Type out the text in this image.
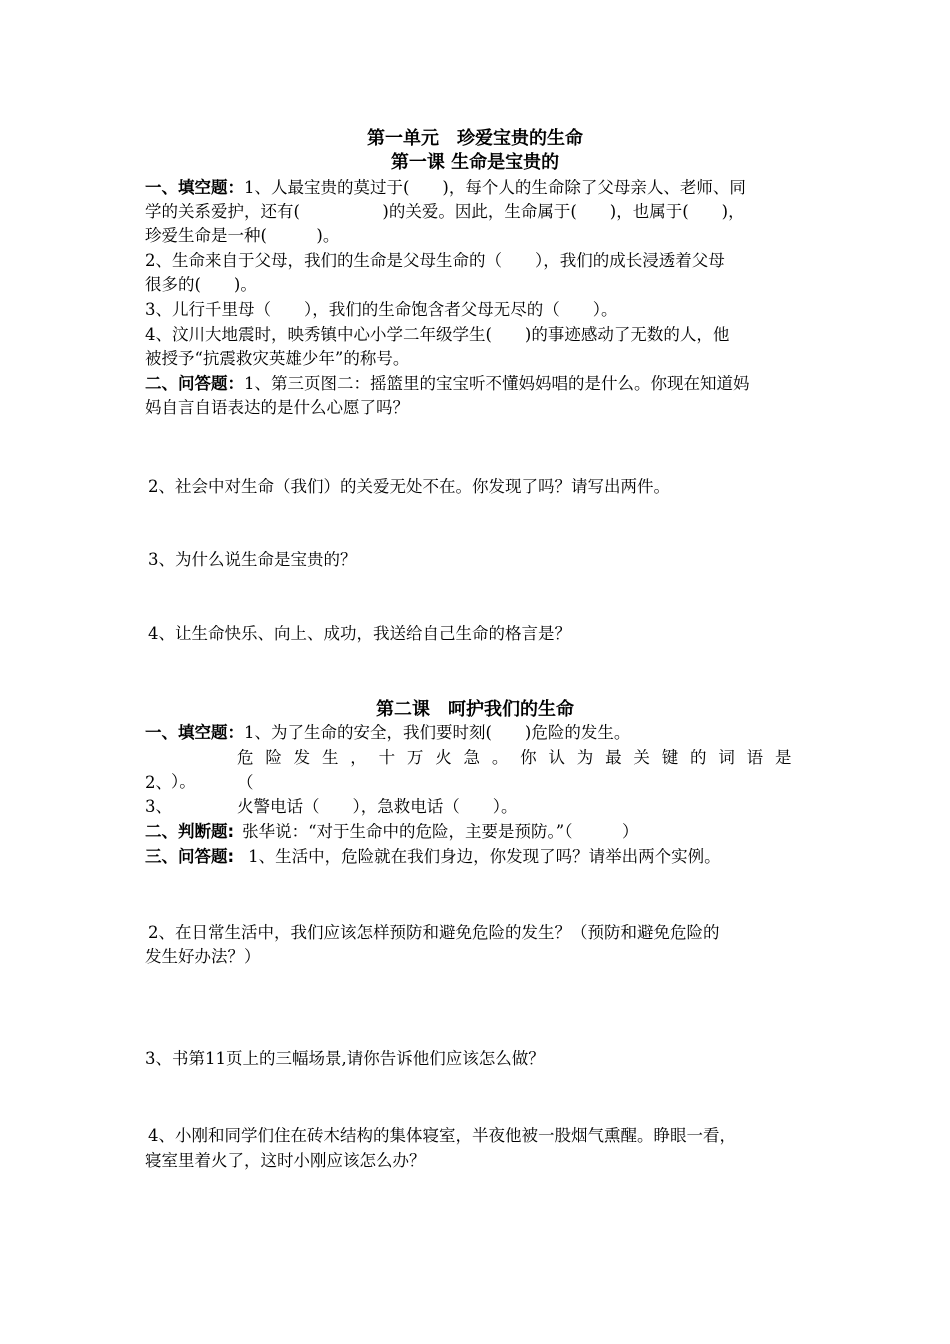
第一单元　珍爱宝贵的生命
第一课 生命是宝贵的
一、填空题：1、人最宝贵的莫过于(　　)，每个人的生命除了父母亲人、老师、同
学的关系爱护，还有(　　　　　)的关爱。因此，生命属于(　　)，也属于(　　)，
珍爱生命是一种(　　　)。
2、生命来自于父母，我们的生命是父母生命的（　　），我们的成长浸透着父母
很多的(　　)。
3、儿行千里母（　　），我们的生命饱含者父母无尽的（　　）。
4、汶川大地震时，映秀镇中心小学二年级学生(　　)的事迹感动了无数的人，他
被授予“抗震救灾英雄少年”的称号。
二、问答题：1、第三页图二：摇篮里的宝宝听不懂妈妈唱的是什么。你现在知道妈
妈自言自语表达的是什么心愿了吗？
2、社会中对生命（我们）的关爱无处不在。你发现了吗？请写出两件。
3、为什么说生命是宝贵的？
4、让生命快乐、向上、成功，我送给自己生命的格言是？
第二课　呵护我们的生命
一、填空题：1、为了生命的安全，我们要时刻(　　)危险的发生。
2、危险发生，十万火急。你认为最关键的词语是（
）。
3、	火警电话（　　），急救电话（　　）。
二、判断题: 张华说：“对于生命中的危险，主要是预防。”（　　　）
三、问答题: 1、生活中，危险就在我们身边，你发现了吗？请举出两个实例。
2、在日常生活中，我们应该怎样预防和避免危险的发生？（预防和避免危险的
发生好办法？）
3、书第11页上的三幅场景,请你告诉他们应该怎么做？
4、小刚和同学们住在砖木结构的集体寝室，半夜他被一股烟气熏醒。睁眼一看，
寝室里着火了，这时小刚应该怎么办？
